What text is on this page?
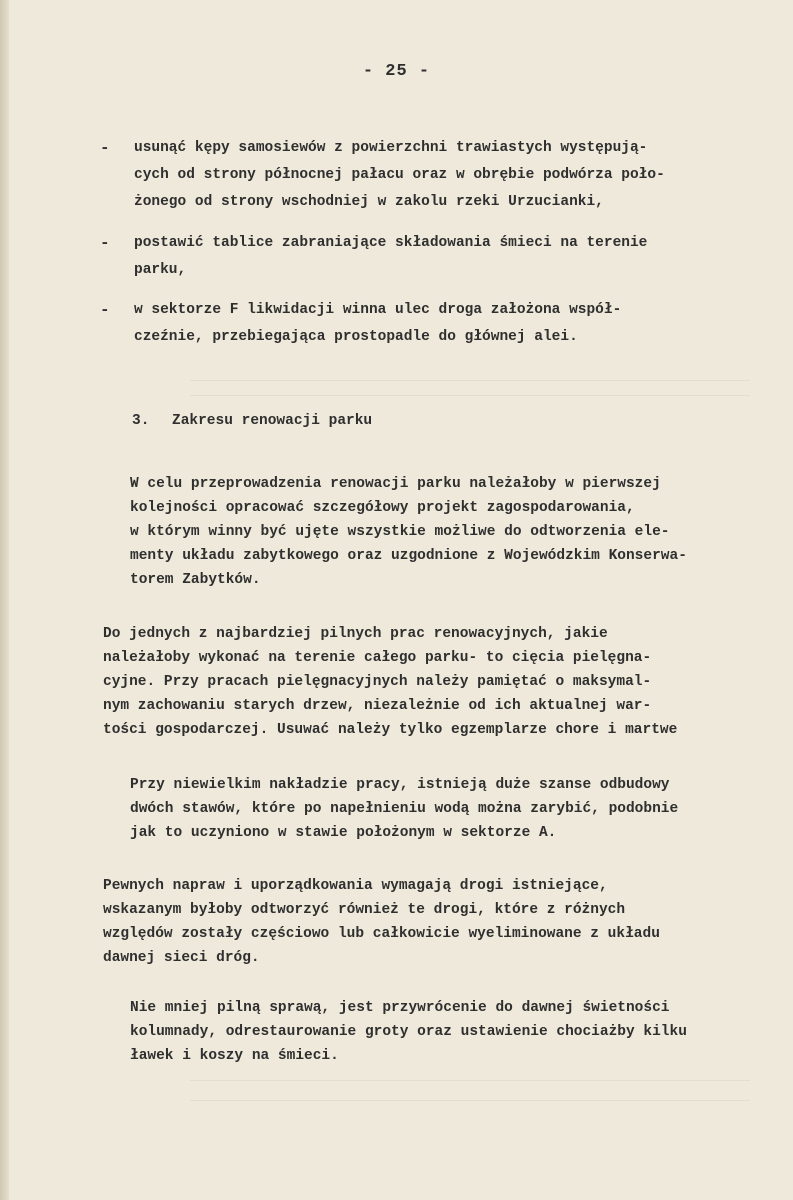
- 25 -
-	usunąć kępy samosiewów z powierzchni trawiastych występują-
cych od strony północnej pałacu oraz w obrębie podwórza poło-
żonego od strony wschodniej w zakolu rzeki Urzucianki,
-	postawić tablice zabraniające składowania śmieci na terenie
parku,
-	w sektorze F likwidacji winna ulec droga założona współ-
czeźnie, przebiegająca prostopadle do głównej alei.
3. Zakresu renowacji parku
W celu przeprowadzenia renowacji parku należałoby w pierwszej
kolejności opracować szczegółowy projekt zagospodarowania,
w którym winny być ujęte wszystkie możliwe do odtworzenia ele-
menty układu zabytkowego oraz uzgodnione z Wojewódzkim Konserwa-
torem Zabytków.
Do jednych z najbardziej pilnych prac renowacyjnych, jakie
należałoby wykonać na terenie całego parku- to cięcia pielęgna-
cyjne. Przy pracach pielęgnacyjnych należy pamiętać o maksymal-
nym zachowaniu starych drzew, niezależnie od ich aktualnej war-
tości gospodarczej. Usuwać należy tylko egzemplarze chore i martwe
Przy niewielkim nakładzie pracy, istnieją duże szanse odbudowy
dwóch stawów, które po napełnieniu wodą można zarybić, podobnie
jak to uczyniono w stawie położonym w sektorze A.
Pewnych napraw i uporządkowania wymagają drogi istniejące,
wskazanym byłoby odtworzyć również te drogi, które z różnych
względów zostały częściowo lub całkowicie wyeliminowane z układu
dawnej sieci dróg.
Nie mniej pilną sprawą, jest przywrócenie do dawnej świetności
kolumnady, odrestaurowanie groty oraz ustawienie chociażby kilku
ławek i koszy na śmieci.
